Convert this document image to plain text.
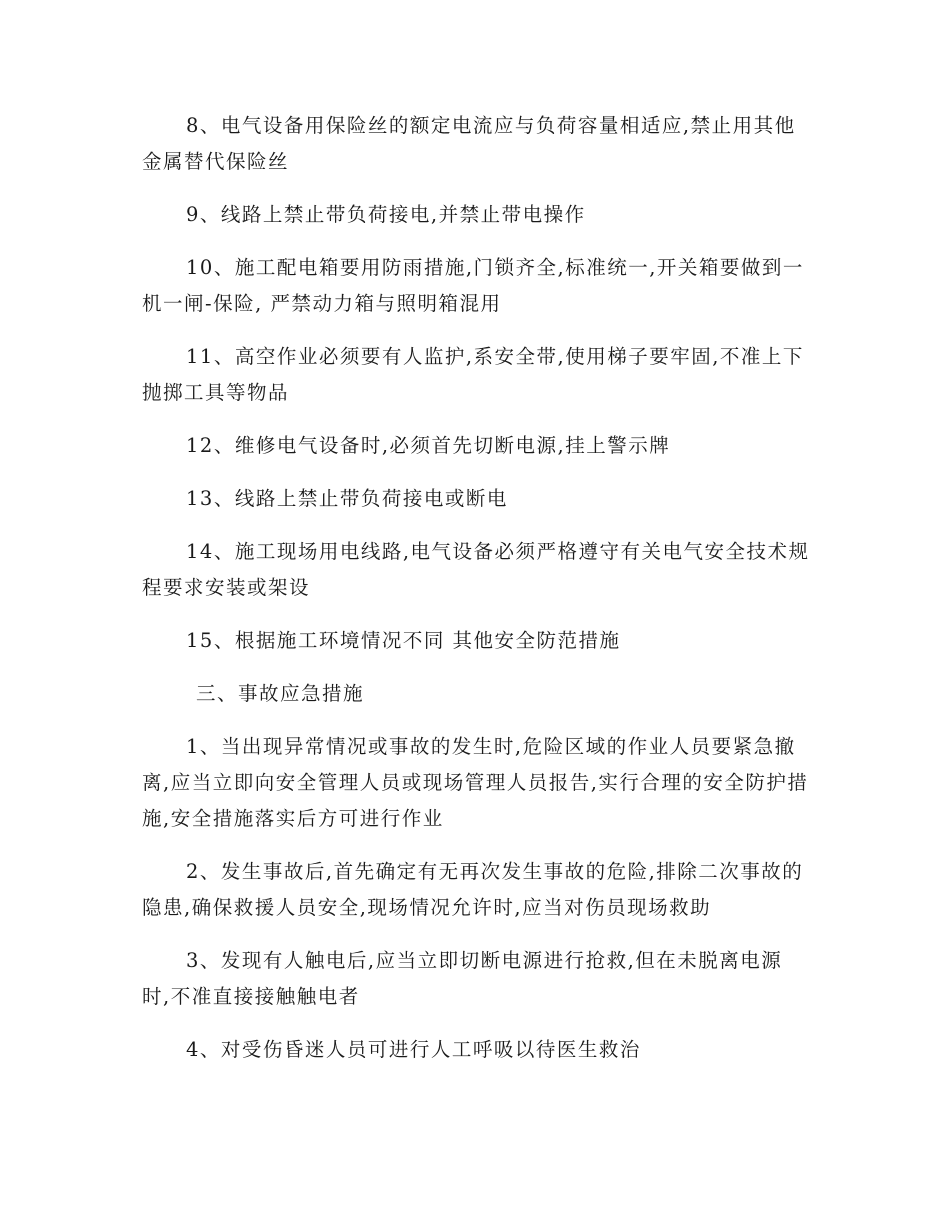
8、电气设备用保险丝的额定电流应与负荷容量相适应,禁止用其他金属替代保险丝

9、线路上禁止带负荷接电,并禁止带电操作

10、施工配电箱要用防雨措施,门锁齐全,标准统一,开关箱要做到一机一闸-保险, 严禁动力箱与照明箱混用

11、高空作业必须要有人监护,系安全带,使用梯子要牢固,不准上下抛掷工具等物品

12、维修电气设备时,必须首先切断电源,挂上警示牌

13、线路上禁止带负荷接电或断电

14、施工现场用电线路,电气设备必须严格遵守有关电气安全技术规程要求安装或架设

15、根据施工环境情况不同 其他安全防范措施

三、事故应急措施

1、当出现异常情况或事故的发生时,危险区域的作业人员要紧急撤离,应当立即向安全管理人员或现场管理人员报告,实行合理的安全防护措施,安全措施落实后方可进行作业

2、发生事故后,首先确定有无再次发生事故的危险,排除二次事故的隐患,确保救援人员安全,现场情况允许时,应当对伤员现场救助

3、发现有人触电后,应当立即切断电源进行抢救,但在未脱离电源时,不准直接接触触电者

4、对受伤昏迷人员可进行人工呼吸以待医生救治
